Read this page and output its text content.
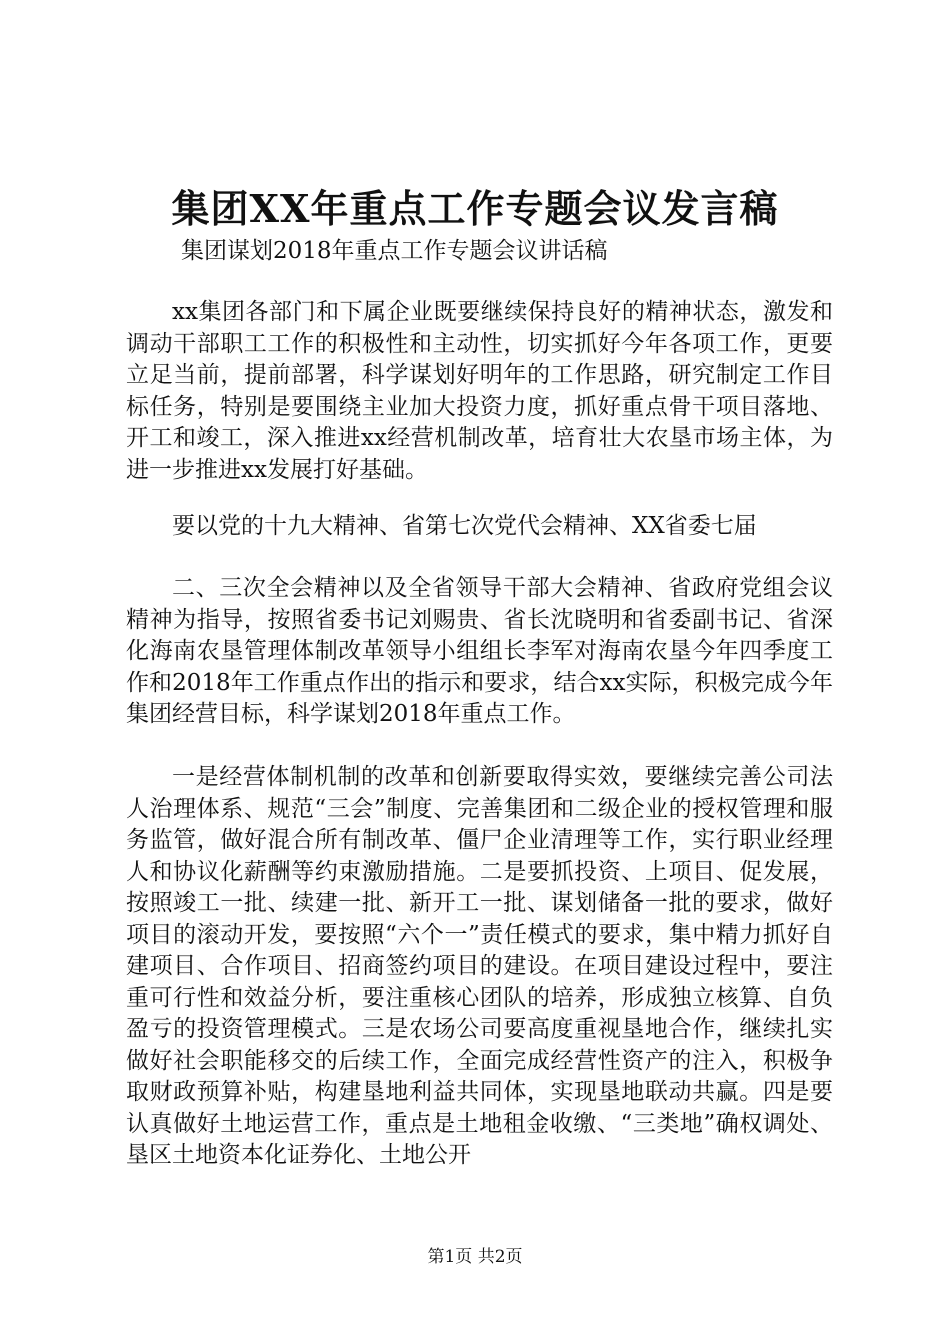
集团XX年重点工作专题会议发言稿

集团谋划2018年重点工作专题会议讲话稿

xx集团各部门和下属企业既要继续保持良好的精神状态，激发和调动干部职工工作的积极性和主动性，切实抓好今年各项工作，更要立足当前，提前部署，科学谋划好明年的工作思路，研究制定工作目标任务，特别是要围绕主业加大投资力度，抓好重点骨干项目落地、开工和竣工，深入推进xx经营机制改革，培育壮大农垦市场主体，为进一步推进xx发展打好基础。

要以党的十九大精神、省第七次党代会精神、XX省委七届

二、三次全会精神以及全省领导干部大会精神、省政府党组会议精神为指导，按照省委书记刘赐贵、省长沈晓明和省委副书记、省深化海南农垦管理体制改革领导小组组长李军对海南农垦今年四季度工作和2018年工作重点作出的指示和要求，结合xx实际，积极完成今年集团经营目标，科学谋划2018年重点工作。

一是经营体制机制的改革和创新要取得实效，要继续完善公司法人治理体系、规范“三会”制度、完善集团和二级企业的授权管理和服务监管，做好混合所有制改革、僵尸企业清理等工作，实行职业经理人和协议化薪酬等约束激励措施。二是要抓投资、上项目、促发展，按照竣工一批、续建一批、新开工一批、谋划储备一批的要求，做好项目的滚动开发，要按照“六个一”责任模式的要求，集中精力抓好自建项目、合作项目、招商签约项目的建设。在项目建设过程中，要注重可行性和效益分析，要注重核心团队的培养，形成独立核算、自负盈亏的投资管理模式。三是农场公司要高度重视垦地合作，继续扎实做好社会职能移交的后续工作，全面完成经营性资产的注入，积极争取财政预算补贴，构建垦地利益共同体，实现垦地联动共赢。四是要认真做好土地运营工作，重点是土地租金收缴、“三类地”确权调处、垦区土地资本化证券化、土地公开

第1页 共2页
